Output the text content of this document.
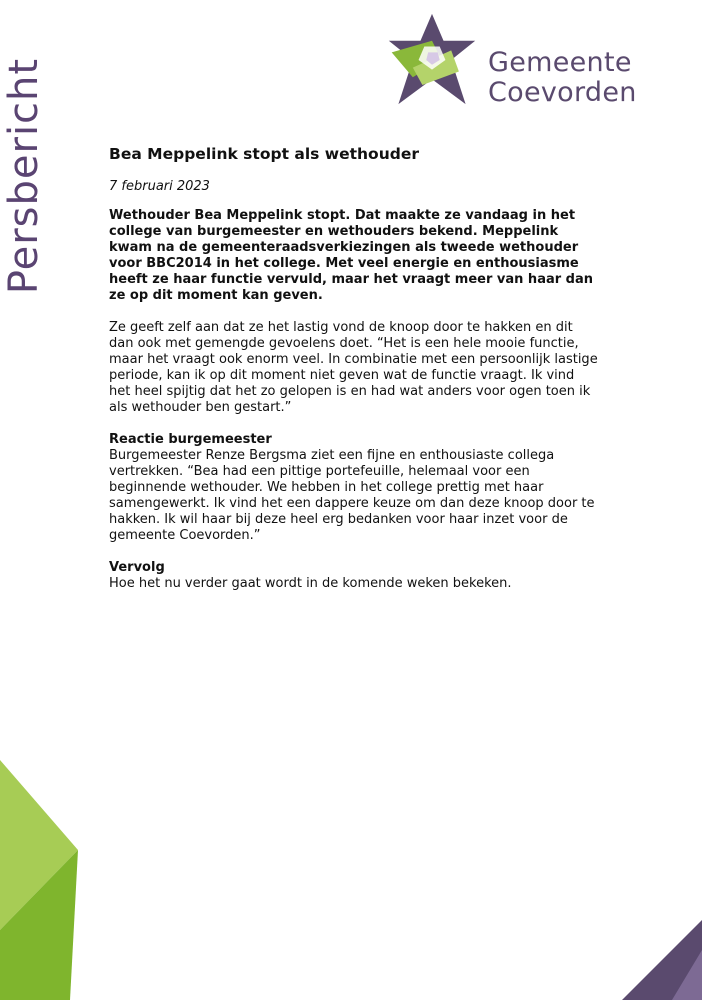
Persbericht	Gemeente
Coevorden
Bea Meppelink stopt als wethouder
7 februari 2023

Wethouder Bea Meppelink stopt. Dat maakte ze vandaag in het college van burgemeester en wethouders bekend. Meppelink kwam na de gemeenteraadsverkiezingen als tweede wethouder voor BBC2014 in het college. Met veel energie en enthousiasme heeft ze haar functie vervuld, maar het vraagt meer van haar dan ze op dit moment kan geven.

Ze geeft zelf aan dat ze het lastig vond de knoop door te hakken en dit dan ook met gemengde gevoelens doet. “Het is een hele mooie functie, maar het vraagt ook enorm veel. In combinatie met een persoonlijk lastige periode, kan ik op dit moment niet geven wat de functie vraagt. Ik vind het heel spijtig dat het zo gelopen is en had wat anders voor ogen toen ik als wethouder ben gestart.”

Reactie burgemeester
Burgemeester Renze Bergsma ziet een fijne en enthousiaste collega vertrekken. “Bea had een pittige portefeuille, helemaal voor een beginnende wethouder. We hebben in het college prettig met haar samengewerkt. Ik vind het een dappere keuze om dan deze knoop door te hakken. Ik wil haar bij deze heel erg bedanken voor haar inzet voor de gemeente Coevorden.”
Vervolg
Hoe het nu verder gaat wordt in de komende weken bekeken.
